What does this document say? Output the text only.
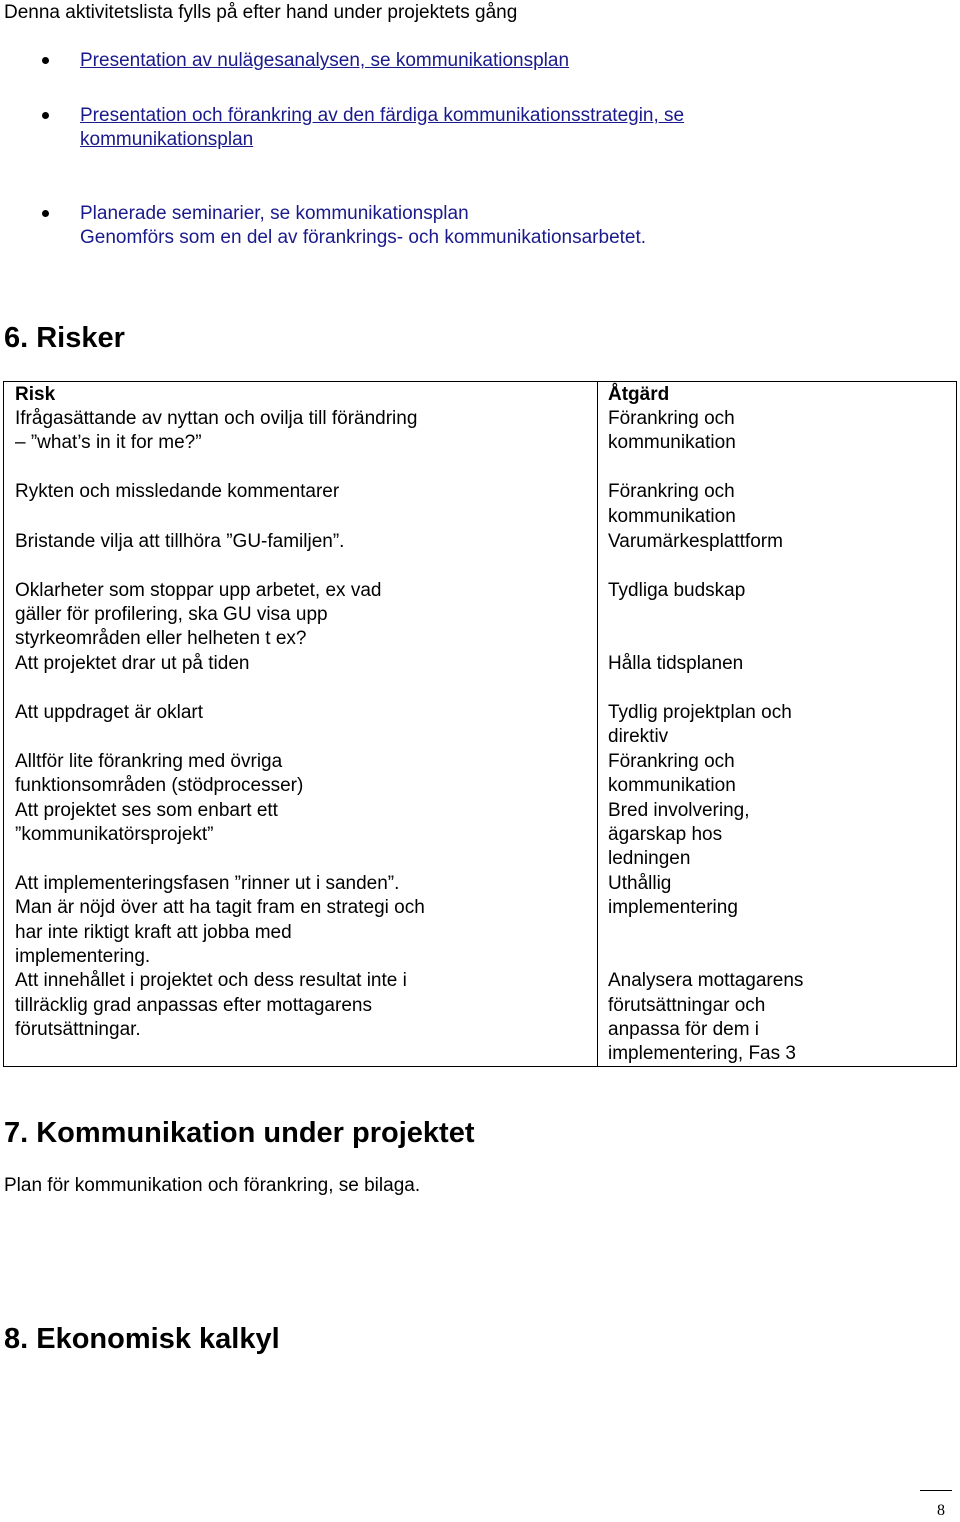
Denna aktivitetslista fylls på efter hand under projektets gång
Presentation av nulägesanalysen, se kommunikationsplan
Presentation och förankring av den färdiga kommunikationsstrategin, se
kommunikationsplan
Planerade seminarier, se kommunikationsplan
Genomförs som en del av förankrings- och kommunikationsarbetet.
6. Risker
Risk	Åtgärd
Ifrågasättande av nyttan och ovilja till förändring
– ”what’s in it for me?”
Rykten och missledande kommentarer
Bristande vilja att tillhöra ”GU-familjen”.
Oklarheter som stoppar upp arbetet, ex vad
gäller för profilering, ska GU visa upp
styrkeområden eller helheten t ex?
Att projektet drar ut på tiden
Att uppdraget är oklart
Alltför lite förankring med övriga
funktionsområden (stödprocesser)
Att projektet ses som enbart ett
”kommunikatörsprojekt”
Att implementeringsfasen ”rinner ut i sanden”.
Man är nöjd över att ha tagit fram en strategi och
har inte riktigt kraft att jobba med
implementering.
Att innehållet i projektet och dess resultat inte i
tillräcklig grad anpassas efter mottagarens
förutsättningar.
Förankring och
kommunikation
Förankring och
kommunikation
Varumärkesplattform
Tydliga budskap
Hålla tidsplanen
Tydlig projektplan och
direktiv
Förankring och
kommunikation
Bred involvering,
ägarskap hos
ledningen
Uthållig
implementering
Analysera mottagarens
förutsättningar och
anpassa för dem i
implementering, Fas 3
7. Kommunikation under projektet
Plan för kommunikation och förankring, se bilaga.
8. Ekonomisk kalkyl
8
